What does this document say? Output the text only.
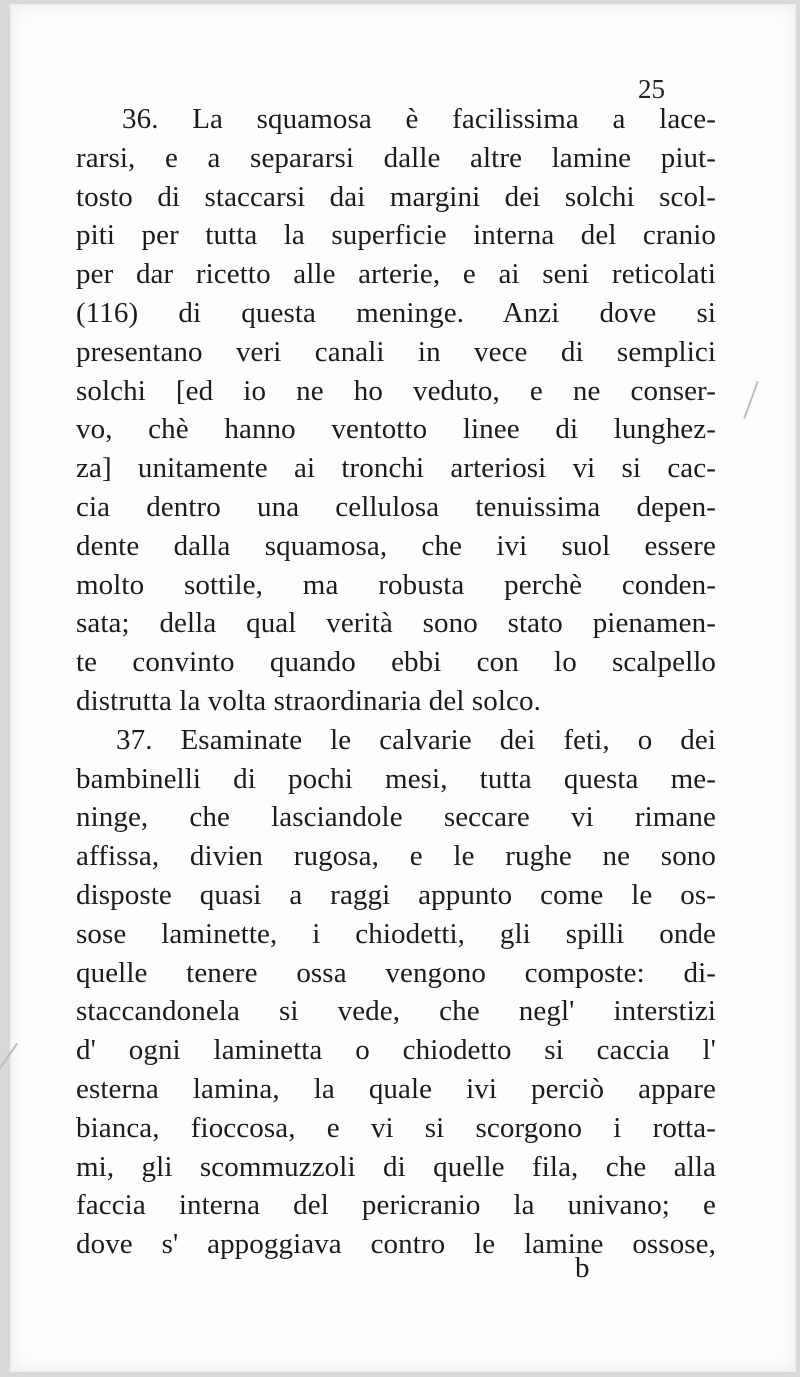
25
36. La squamosa è facilissima a lace-
rarsi, e a separarsi dalle altre lamine piut-
tosto di staccarsi dai margini dei solchi scol-
piti per tutta la superficie interna del cranio
per dar ricetto alle arterie, e ai seni reticolati
(116) di questa meninge. Anzi dove si
presentano veri canali in vece di semplici
solchi [ed io ne ho veduto, e ne conser-
vo, chè hanno ventotto linee di lunghez-
za] unitamente ai tronchi arteriosi vi si cac-
cia dentro una cellulosa tenuissima depen-
dente dalla squamosa, che ivi suol essere
molto sottile, ma robusta perchè conden-
sata; della qual verità sono stato pienamen-
te convinto quando ebbi con lo scalpello
distrutta la volta straordinaria del solco.
37. Esaminate le calvarie dei feti, o dei
bambinelli di pochi mesi, tutta questa me-
ninge, che lasciandole seccare vi rimane
affissa, divien rugosa, e le rughe ne sono
disposte quasi a raggi appunto come le os-
sose laminette, i chiodetti, gli spilli onde
quelle tenere ossa vengono composte: di-
staccandonela si vede, che negl' interstizi
d' ogni laminetta o chiodetto si caccia l'
esterna lamina, la quale ivi perciò appare
bianca, fioccosa, e vi si scorgono i rotta-
mi, gli scommuzzoli di quelle fila, che alla
faccia interna del pericranio la univano; e
dove s' appoggiava contro le lamine ossose,
b
